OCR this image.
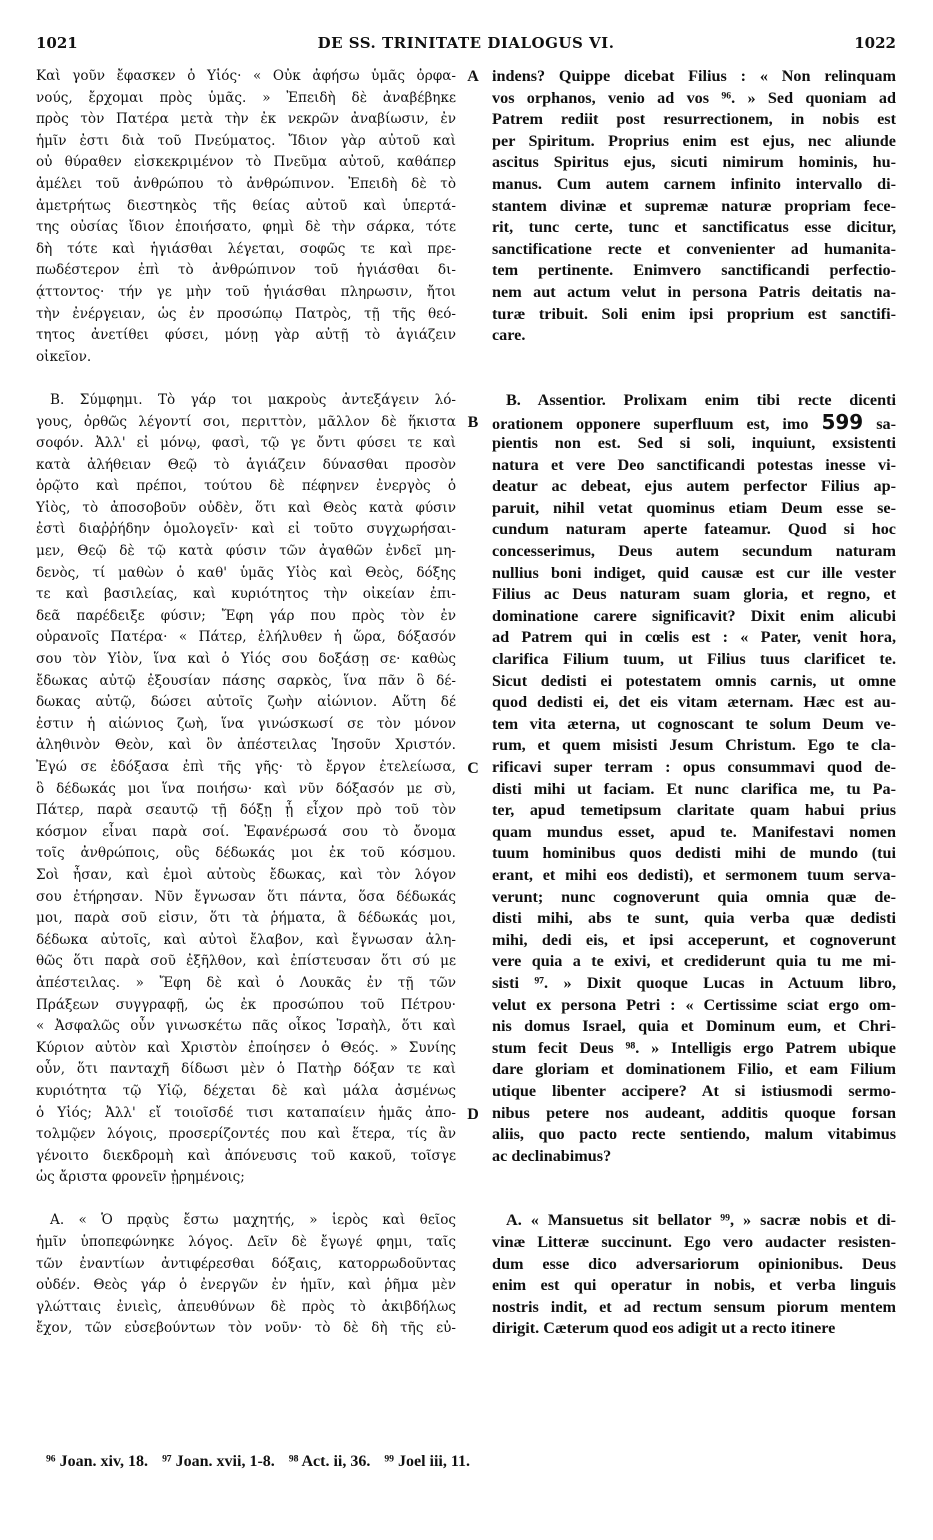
1021	DE SS. TRINITATE DIALOGUS VI.	1022
Καὶ γοῦν ἔφασκεν ὁ Υἱός· « Οὐκ ἀφήσω ὑμᾶς ὀρφα-
νούς, ἔρχομαι πρὸς ὑμᾶς. » Ἐπειδὴ δὲ ἀναβέβηκε
πρὸς τὸν Πατέρα μετὰ τὴν ἐκ νεκρῶν ἀναβίωσιν, ἐν
ἡμῖν ἐστι διὰ τοῦ Πνεύματος. Ἴδιον γὰρ αὐτοῦ καὶ
οὐ θύραθεν εἰσκεκριμένον τὸ Πνεῦμα αὐτοῦ, καθάπερ
ἀμέλει τοῦ ἀνθρώπου τὸ ἀνθρώπινον. Ἐπειδὴ δὲ τὸ
ἀμετρήτως διεστηκὸς τῆς θείας αὐτοῦ καὶ ὑπερτά-
της οὐσίας ἴδιον ἐποιήσατο, φημὶ δὲ τὴν σάρκα, τότε
δὴ τότε καὶ ἡγιάσθαι λέγεται, σοφῶς τε καὶ πρε-
πωδέστερον ἐπὶ τὸ ἀνθρώπινον τοῦ ἡγιάσθαι δι-
ᾴττοντος· τήν γε μὴν τοῦ ἡγιάσθαι πληρωσιν, ἤτοι
τὴν ἐνέργειαν, ὡς ἐν προσώπῳ Πατρὸς, τῇ τῆς θεό-
τητος ἀνετίθει φύσει, μόνῃ γὰρ αὐτῇ τὸ ἁγιάζειν
οἰκεῖον.
Β. Σύμφημι. Τὸ γάρ τοι μακροὺς ἀντεξάγειν λό-
γους, ὀρθῶς λέγοντί σοι, περιττὸν, μᾶλλον δὲ ἥκιστα
σοφόν. Ἀλλ' εἰ μόνῳ, φασὶ, τῷ γε ὄντι φύσει τε καὶ
κατὰ ἀλήθειαν Θεῷ τὸ ἁγιάζειν δύνασθαι προσὸν
ὁρῷτο καὶ πρέποι, τούτου δὲ πέφηνεν ἐνεργὸς ὁ
Υἱὸς, τὸ ἀποσοβοῦν οὐδὲν, ὅτι καὶ Θεὸς κατὰ φύσιν
ἐστὶ διαῤῥήδην ὁμολογεῖν· καὶ εἰ τοῦτο συγχωρήσαι-
μεν, Θεῷ δὲ τῷ κατὰ φύσιν τῶν ἀγαθῶν ἐνδεῖ μη-
δενὸς, τί μαθὼν ὁ καθ' ὑμᾶς Υἱὸς καὶ Θεὸς, δόξης
τε καὶ βασιλείας, καὶ κυριότητος τὴν οἰκείαν ἐπι-
δεᾶ παρέδειξε φύσιν; Ἔφη γάρ που πρὸς τὸν ἐν
οὐρανοῖς Πατέρα· « Πάτερ, ἐλήλυθεν ἡ ὥρα, δόξασόν
σου τὸν Υἱὸν, ἵνα καὶ ὁ Υἱός σου δοξάσῃ σε· καθὼς
ἔδωκας αὐτῷ ἐξουσίαν πάσης σαρκὸς, ἵνα πᾶν ὃ δέ-
δωκας αὐτῷ, δώσει αὐτοῖς ζωὴν αἰώνιον. Αὕτη δέ
ἐστιν ἡ αἰώνιος ζωὴ, ἵνα γινώσκωσί σε τὸν μόνον
ἀληθινὸν Θεὸν, καὶ ὃν ἀπέστειλας Ἰησοῦν Χριστόν.
Ἐγώ σε ἐδόξασα ἐπὶ τῆς γῆς· τὸ ἔργον ἐτελείωσα,
ὃ δέδωκάς μοι ἵνα ποιήσω· καὶ νῦν δόξασόν με σὺ,
Πάτερ, παρὰ σεαυτῷ τῇ δόξῃ ᾗ εἶχον πρὸ τοῦ τὸν
κόσμον εἶναι παρὰ σοί. Ἐφανέρωσά σου τὸ ὄνομα
τοῖς ἀνθρώποις, οὓς δέδωκάς μοι ἐκ τοῦ κόσμου.
Σοὶ ἦσαν, καὶ ἐμοὶ αὐτοὺς ἔδωκας, καὶ τὸν λόγον
σου ἐτήρησαν. Νῦν ἔγνωσαν ὅτι πάντα, ὅσα δέδωκάς
μοι, παρὰ σοῦ εἰσιν, ὅτι τὰ ῥήματα, ἃ δέδωκάς μοι,
δέδωκα αὐτοῖς, καὶ αὐτοὶ ἔλαβον, καὶ ἔγνωσαν ἀλη-
θῶς ὅτι παρὰ σοῦ ἐξῆλθον, καὶ ἐπίστευσαν ὅτι σύ με
ἀπέστειλας. » Ἔφη δὲ καὶ ὁ Λουκᾶς ἐν τῇ τῶν
Πράξεων συγγραφῇ, ὡς ἐκ προσώπου τοῦ Πέτρου·
« Ἀσφαλῶς οὖν γινωσκέτω πᾶς οἶκος Ἰσραὴλ, ὅτι καὶ
Κύριον αὐτὸν καὶ Χριστὸν ἐποίησεν ὁ Θεός. » Συνίης
οὖν, ὅτι πανταχῆ δίδωσι μὲν ὁ Πατὴρ δόξαν τε καὶ
κυριότητα τῷ Υἱῷ, δέχεται δὲ καὶ μάλα ἀσμένως
ὁ Υἱός; Ἀλλ' εἴ τοιοῖσδέ τισι καταπαίειν ἡμᾶς ἀπο-
τολμῷεν λόγοις, προσερίζοντές που καὶ ἕτερα, τίς ἂν
γένοιτο διεκδρομὴ καὶ ἀπόνευσις τοῦ κακοῦ, τοῖσγε
ὡς ἄριστα φρονεῖν ᾐρημένοις;
Α. « Ὁ πρᾳὺς ἔστω μαχητής, » ἱερὸς καὶ θεῖος
ἡμῖν ὑποπεφώνηκε λόγος. Δεῖν δὲ ἔγωγέ φημι, ταῖς
τῶν ἐναντίων ἀντιφέρεσθαι δόξαις, κατορρωδοῦντας
οὐδέν. Θεὸς γάρ ὁ ἐνεργῶν ἐν ἡμῖν, καὶ ῥῆμα μὲν
γλώτταις ἐνιεὶς, ἀπευθύνων δὲ πρὸς τὸ ἀκιβδήλως
ἔχον, τῶν εὐσεβούντων τὸν νοῦν· τὸ δὲ δὴ τῆς εὐ-
indens? Quippe dicebat Filius : « Non relinquam
vos orphanos, venio ad vos ⁹⁶. » Sed quoniam ad
Patrem rediit post resurrectionem, in nobis est
per Spiritum. Proprius enim est ejus, nec aliunde
ascitus Spiritus ejus, sicuti nimirum hominis, hu-
manus. Cum autem carnem infinito intervallo di-
stantem divinæ et supremæ naturæ propriam fece-
rit, tunc certe, tunc et sanctificatus esse dicitur,
sanctificatione recte et convenienter ad humanita-
tem pertinente. Enimvero sanctificandi perfectio-
nem aut actum velut in persona Patris deitatis na-
turæ tribuit. Soli enim ipsi proprium est sanctifi-
care.
B. Assentior. Prolixam enim tibi recte dicenti
orationem opponere superfluum est, imo 599 sa-
pientis non est. Sed si soli, inquiunt, exsistenti
natura et vere Deo sanctificandi potestas inesse vi-
deatur ac debeat, ejus autem perfector Filius ap-
paruit, nihil vetat quominus etiam Deum esse se-
cundum naturam aperte fateamur. Quod si hoc
concesserimus, Deus autem secundum naturam
nullius boni indiget, quid causæ est cur ille vester
Filius ac Deus naturam suam gloria, et regno, et
dominatione carere significavit? Dixit enim alicubi
ad Patrem qui in cœlis est : « Pater, venit hora,
clarifica Filium tuum, ut Filius tuus clarificet te.
Sicut dedisti ei potestatem omnis carnis, ut omne
quod dedisti ei, det eis vitam æternam. Hæc est au-
tem vita æterna, ut cognoscant te solum Deum ve-
rum, et quem misisti Jesum Christum. Ego te cla-
rificavi super terram : opus consummavi quod de-
disti mihi ut faciam. Et nunc clarifica me, tu Pa-
ter, apud temetipsum claritate quam habui prius
quam mundus esset, apud te. Manifestavi nomen
tuum hominibus quos dedisti mihi de mundo (tui
erant, et mihi eos dedisti), et sermonem tuum serva-
verunt; nunc cognoverunt quia omnia quæ de-
disti mihi, abs te sunt, quia verba quæ dedisti
mihi, dedi eis, et ipsi acceperunt, et cognoverunt
vere quia a te exivi, et crediderunt quia tu me mi-
sisti ⁹⁷. » Dixit quoque Lucas in Actuum libro,
velut ex persona Petri : « Certissime sciat ergo om-
nis domus Israel, quia et Dominum eum, et Chri-
stum fecit Deus ⁹⁸. » Intelligis ergo Patrem ubique
dare gloriam et dominationem Filio, et eam Filium
utique libenter accipere? At si istiusmodi sermo-
nibus petere nos audeant, additis quoque forsan
aliis, quo pacto recte sentiendo, malum vitabimus
ac declinabimus?
A. « Mansuetus sit bellator ⁹⁹, » sacræ nobis et di-
vinæ Litteræ succinunt. Ego vero audacter resisten-
dum esse dico adversariorum opinionibus. Deus
enim est qui operatur in nobis, et verba linguis
nostris indit, et ad rectum sensum piorum mentem
dirigit. Cæterum quod eos adigit ut a recto itinere
A
B
C
D
⁹⁶ Joan. xiv, 18. ⁹⁷ Joan. xvii, 1-8. ⁹⁸ Act. ii, 36. ⁹⁹ Joel iii, 11.
